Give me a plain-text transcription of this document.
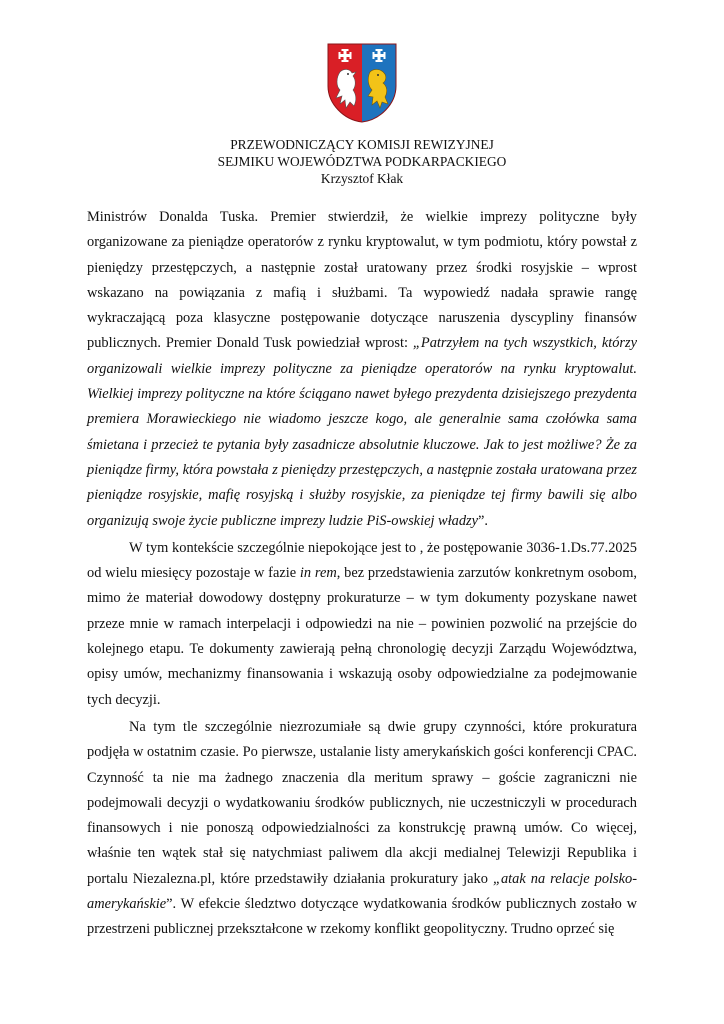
PRZEWODNICZĄCY KOMISJI REWIZYJNEJ
SEJMIKU WOJEWÓDZTWA PODKARPACKIEGO
Krzysztof Kłak

Ministrów Donalda Tuska. Premier stwierdził, że wielkie imprezy polityczne były organizowane za pieniądze operatorów z rynku kryptowalut, w tym podmiotu, który powstał z pieniędzy przestępczych, a następnie został uratowany przez środki rosyjskie – wprost wskazano na powiązania z mafią i służbami. Ta wypowiedź nadała sprawie rangę wykraczającą poza klasyczne postępowanie dotyczące naruszenia dyscypliny finansów publicznych. Premier Donald Tusk powiedział wprost: „Patrzyłem na tych wszystkich, którzy organizowali wielkie imprezy polityczne za pieniądze operatorów na rynku kryptowalut. Wielkiej imprezy polityczne na które ściągano nawet byłego prezydenta dzisiejszego prezydenta premiera Morawieckiego nie wiadomo jeszcze kogo, ale generalnie sama czołówka sama śmietana i przecież te pytania były zasadnicze absolutnie kluczowe. Jak to jest możliwe? Że za pieniądze firmy, która powstała z pieniędzy przestępczych, a następnie została uratowana przez pieniądze rosyjskie, mafię rosyjską i służby rosyjskie, za pieniądze tej firmy bawili się albo organizują swoje życie publiczne imprezy ludzie PiS-owskiej władzy”.

W tym kontekście szczególnie niepokojące jest to , że postępowanie 3036-1.Ds.77.2025 od wielu miesięcy pozostaje w fazie in rem, bez przedstawienia zarzutów konkretnym osobom, mimo że materiał dowodowy dostępny prokuraturze – w tym dokumenty pozyskane nawet przeze mnie w ramach interpelacji i odpowiedzi na nie – powinien pozwolić na przejście do kolejnego etapu. Te dokumenty zawierają pełną chronologię decyzji Zarządu Województwa, opisy umów, mechanizmy finansowania i wskazują osoby odpowiedzialne za podejmowanie tych decyzji.

Na tym tle szczególnie niezrozumiałe są dwie grupy czynności, które prokuratura podjęła w ostatnim czasie. Po pierwsze, ustalanie listy amerykańskich gości konferencji CPAC. Czynność ta nie ma żadnego znaczenia dla meritum sprawy – goście zagraniczni nie podejmowali decyzji o wydatkowaniu środków publicznych, nie uczestniczyli w procedurach finansowych i nie ponoszą odpowiedzialności za konstrukcję prawną umów. Co więcej, właśnie ten wątek stał się natychmiast paliwem dla akcji medialnej Telewizji Republika i portalu Niezalezna.pl, które przedstawiły działania prokuratury jako „atak na relacje polsko-amerykańskie”. W efekcie śledztwo dotyczące wydatkowania środków publicznych zostało w przestrzeni publicznej przekształcone w rzekomy konflikt geopolityczny. Trudno oprzeć się
